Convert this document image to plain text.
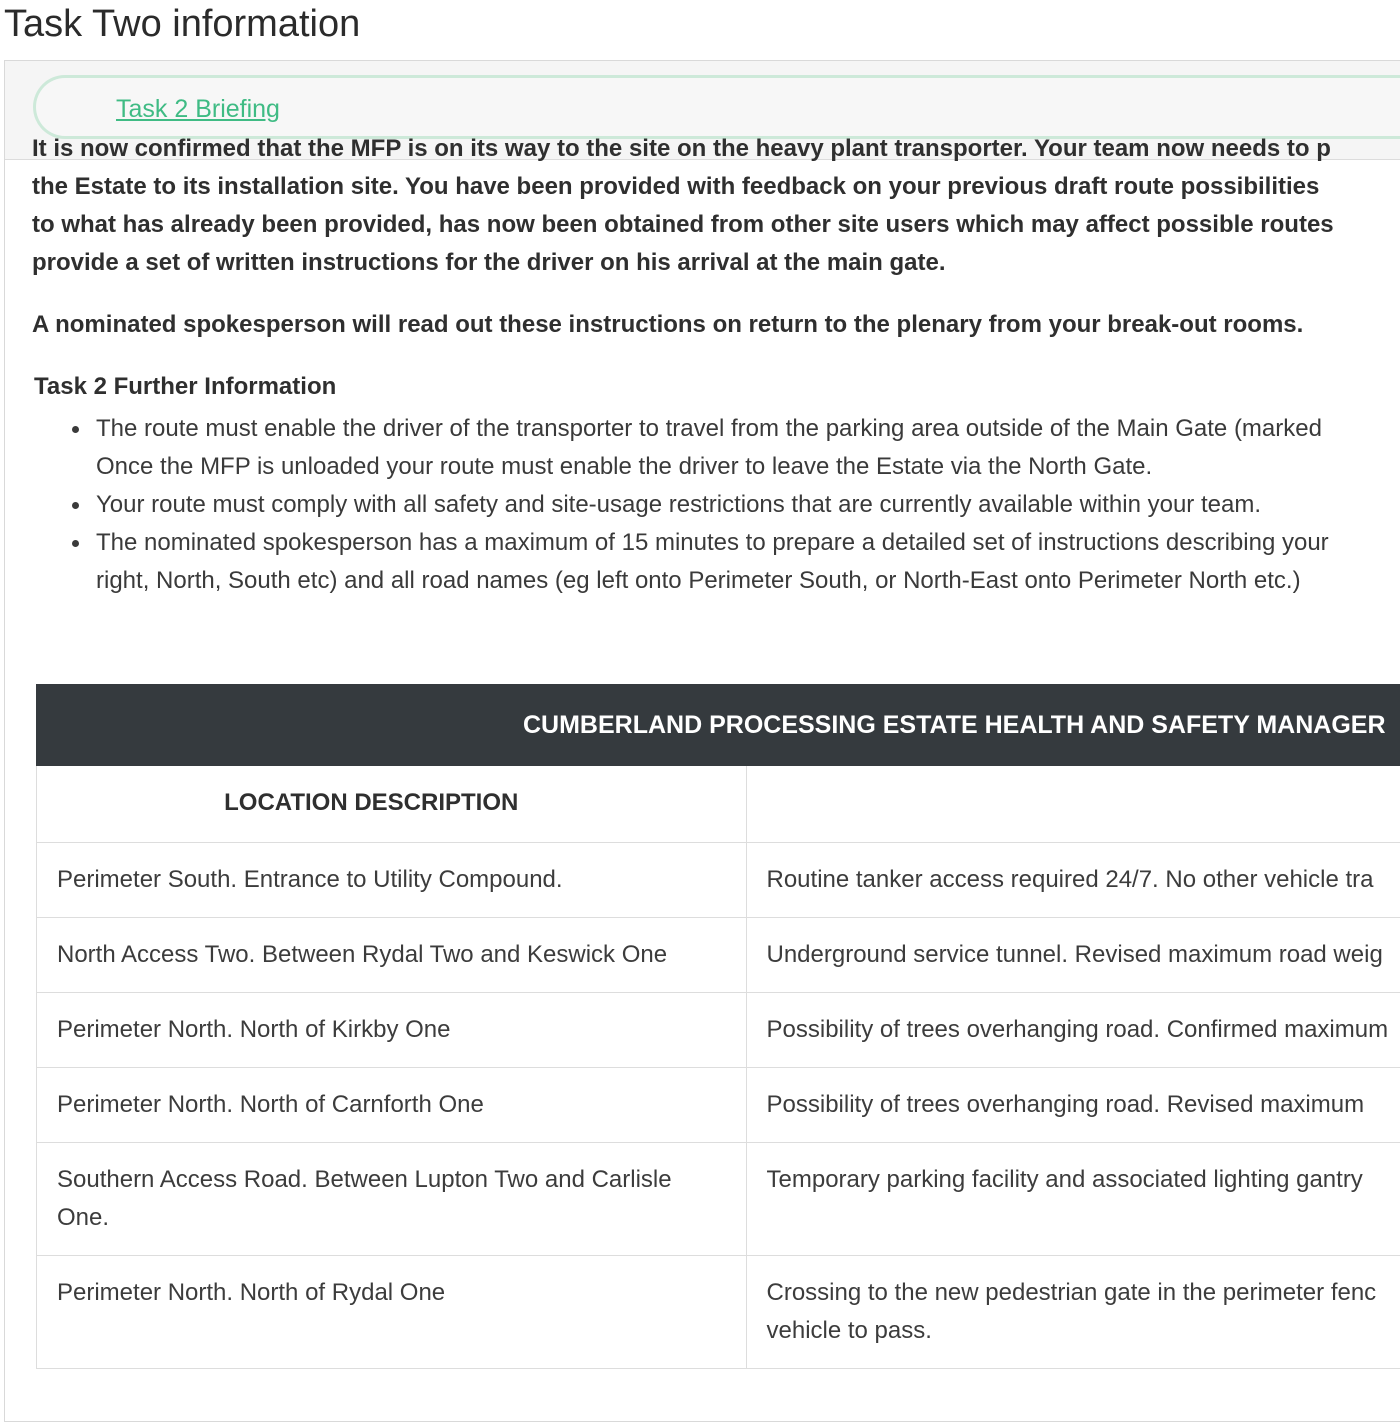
Task Two information
Task 2 Briefing

It is now confirmed that the MFP is on its way to the site on the heavy plant transporter. Your team now needs to p
the Estate to its installation site. You have been provided with feedback on your previous draft route possibilities
to what has already been provided, has now been obtained from other site users which may affect possible routes
provide a set of written instructions for the driver on his arrival at the main gate.

A nominated spokesperson will read out these instructions on return to the plenary from your break-out rooms.

Task 2 Further Information
The route must enable the driver of the transporter to travel from the parking area outside of the Main Gate (marked
Once the MFP is unloaded your route must enable the driver to leave the Estate via the North Gate.
Your route must comply with all safety and site-usage restrictions that are currently available within your team.
The nominated spokesperson has a maximum of 15 minutes to prepare a detailed set of instructions describing your
right, North, South etc) and all road names (eg left onto Perimeter South, or North-East onto Perimeter North etc.)
CUMBERLAND PROCESSING ESTATE HEALTH AND SAFETY MANAGER	
LOCATION DESCRIPTION	

Perimeter South. Entrance to Utility Compound.	Routine tanker access required 24/7. No other vehicle tra

North Access Two. Between Rydal Two and Keswick One	Underground service tunnel. Revised maximum road weig

Perimeter North. North of Kirkby One	Possibility of trees overhanging road. Confirmed maximum

Perimeter North. North of Carnforth One	Possibility of trees overhanging road. Revised maximum

Southern Access Road. Between Lupton Two and Carlisle
One.	Temporary parking facility and associated lighting gantry

Perimeter North. North of Rydal One	Crossing to the new pedestrian gate in the perimeter fenc
vehicle to pass.
